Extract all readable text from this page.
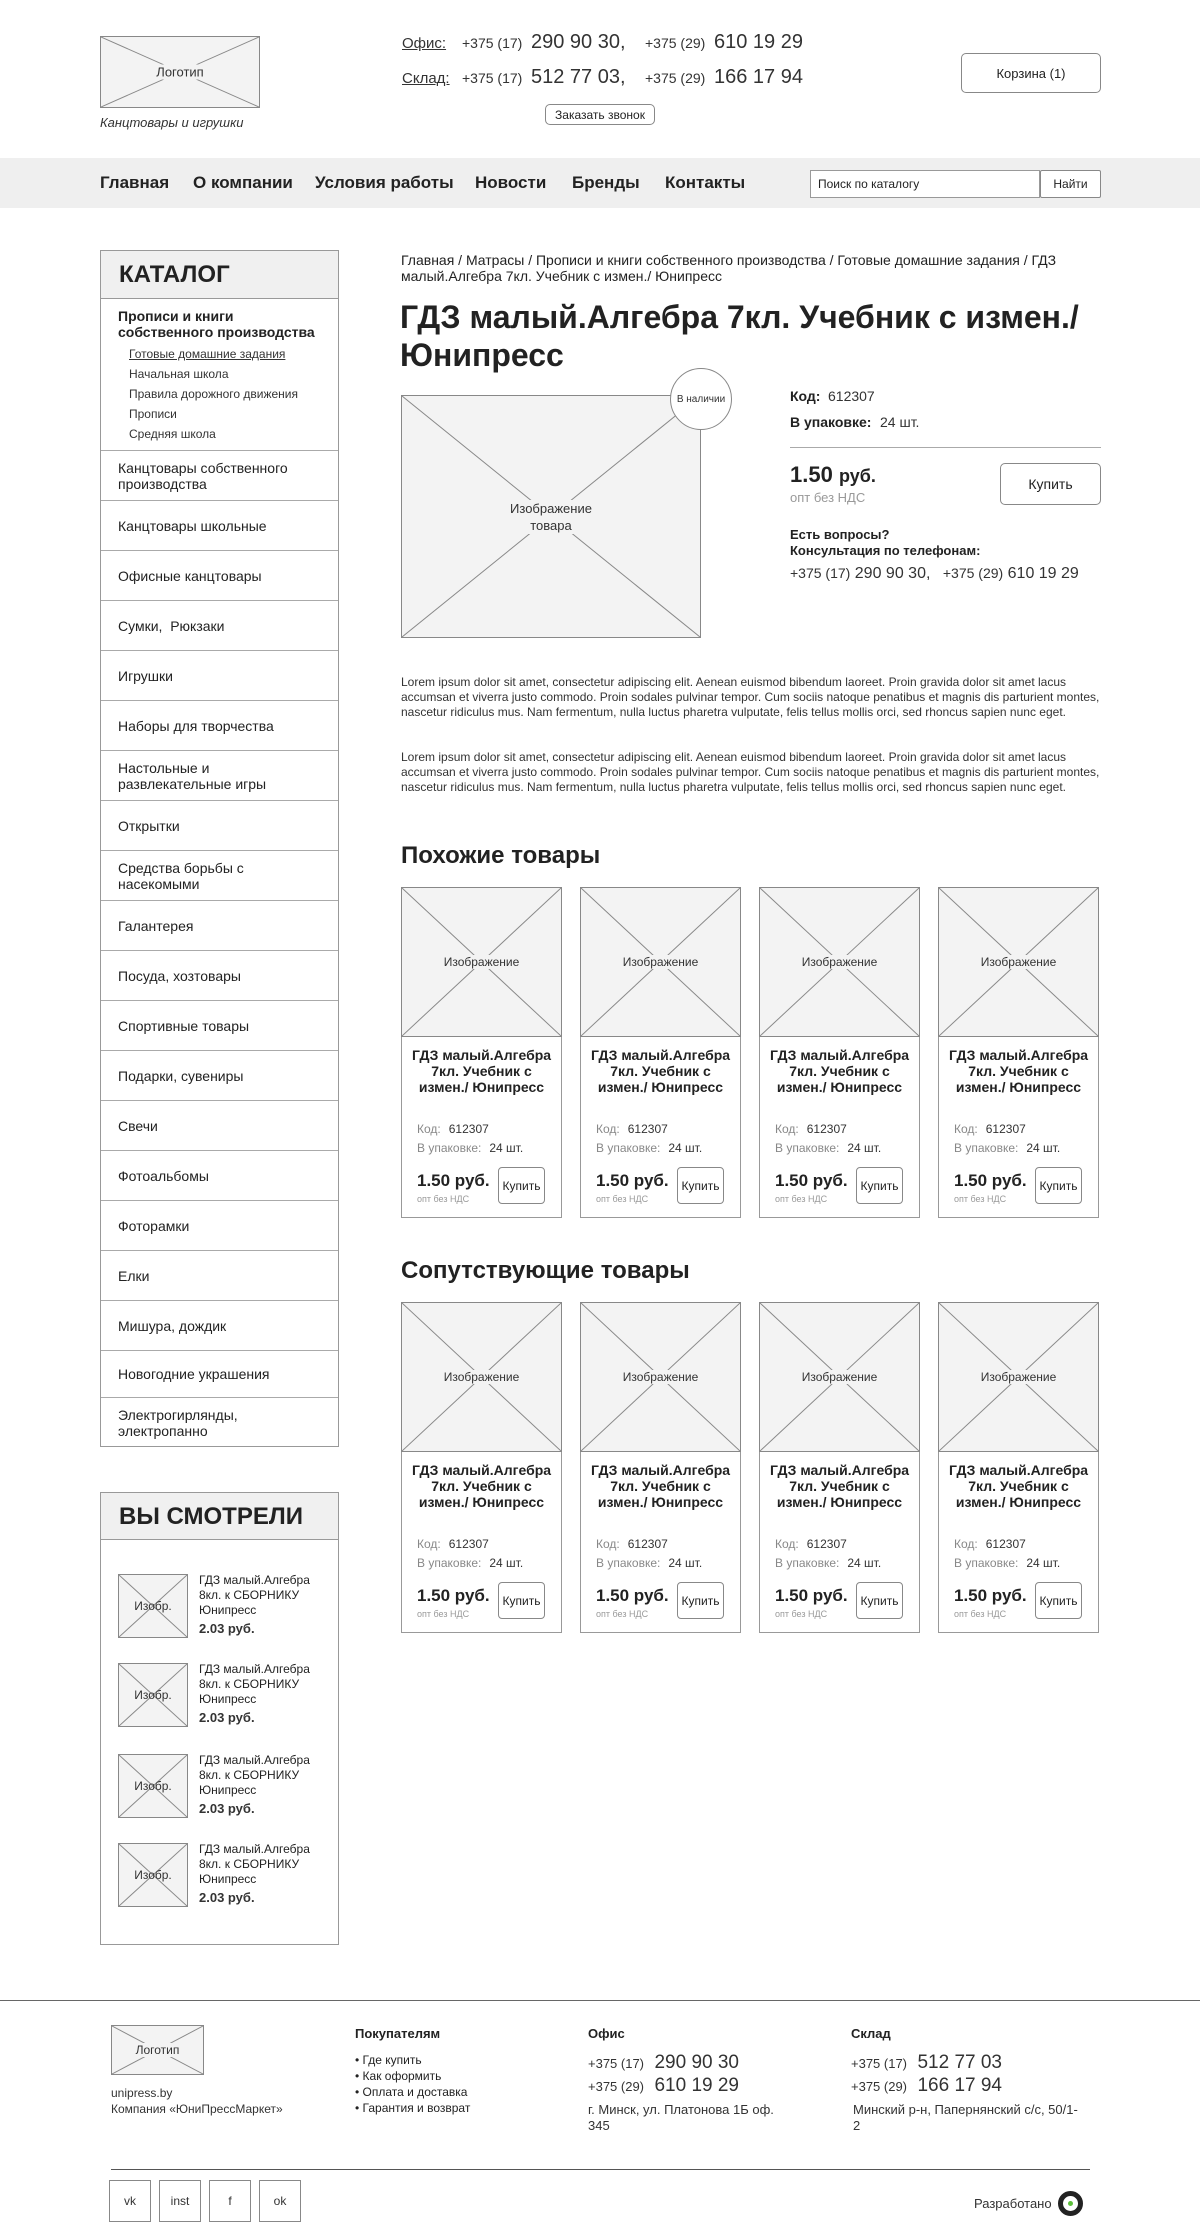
Логотип
Канцтовары и игрушки
Офис: +375 (17) 290 90 30, +375 (29) 610 19 29
Склад: +375 (17) 512 77 03, +375 (29) 166 17 94
Заказать звонок
Корзина (1)
Главная О компании Условия работы Новости Бренды Контакты	Поиск по каталогу	Найти
КАТАЛОГ
Прописи и книги собственного производства
Готовые домашние задания
Начальная школа
Правила дорожного движения
Прописи
Средняя школа
Канцтовары собственного производства
Канцтовары школьные
Офисные канцтовары
Сумки,  Рюкзаки
Игрушки
Наборы для творчества
Настольные и развлекательные игры
Открытки
Средства борьбы с насекомыми
Галантерея
Посуда, хозтовары
Спортивные товары
Подарки, сувениры
Свечи
Фотоальбомы
Фоторамки
Елки
Мишура, дождик
Новогодние украшения
Электрогирлянды, электропанно
ВЫ СМОТРЕЛИ
Изобр.
ГДЗ малый.Алгебра 8кл. к СБОРНИКУ Юнипресс
2.03 руб.
Изобр.
ГДЗ малый.Алгебра 8кл. к СБОРНИКУ Юнипресс
2.03 руб.
Изобр.
ГДЗ малый.Алгебра 8кл. к СБОРНИКУ Юнипресс
2.03 руб.
Изобр.
ГДЗ малый.Алгебра 8кл. к СБОРНИКУ Юнипресс
2.03 руб.
Главная / Матрасы / Прописи и книги собственного производства / Готовые домашние задания / ГДЗ малый.Алгебра 7кл. Учебник с измен./ Юнипресс
ГДЗ малый.Алгебра 7кл. Учебник с измен./ Юнипресс
Изображение товара
В наличии	Код: 612307
В упаковке: 24 шт.
1.50 руб.
опт без НДС
Купить
Есть вопросы?
Консультация по телефонам:
+375 (17) 290 90 30, +375 (29) 610 19 29
Lorem ipsum dolor sit amet, consectetur adipiscing elit. Aenean euismod bibendum laoreet. Proin gravida dolor sit amet lacus accumsan et viverra justo commodo. Proin sodales pulvinar tempor. Cum sociis natoque penatibus et magnis dis parturient montes, nascetur ridiculus mus. Nam fermentum, nulla luctus pharetra vulputate, felis tellus mollis orci, sed rhoncus sapien nunc eget.
Lorem ipsum dolor sit amet, consectetur adipiscing elit. Aenean euismod bibendum laoreet. Proin gravida dolor sit amet lacus accumsan et viverra justo commodo. Proin sodales pulvinar tempor. Cum sociis natoque penatibus et magnis dis parturient montes, nascetur ridiculus mus. Nam fermentum, nulla luctus pharetra vulputate, felis tellus mollis orci, sed rhoncus sapien nunc eget.
Похожие товары
Изображение
ГДЗ малый.Алгебра 7кл. Учебник с измен./ Юнипресс
Код: 612307
В упаковке: 24 шт.
1.50 руб.
опт без НДС
Купить
Изображение
ГДЗ малый.Алгебра 7кл. Учебник с измен./ Юнипресс
Код: 612307
В упаковке: 24 шт.
1.50 руб.
опт без НДС
Купить
Изображение
ГДЗ малый.Алгебра 7кл. Учебник с измен./ Юнипресс
Код: 612307
В упаковке: 24 шт.
1.50 руб.
опт без НДС
Купить
Изображение
ГДЗ малый.Алгебра 7кл. Учебник с измен./ Юнипресс
Код: 612307
В упаковке: 24 шт.
1.50 руб.
опт без НДС
Купить
Сопутствующие товары
Изображение
ГДЗ малый.Алгебра 7кл. Учебник с измен./ Юнипресс
Код: 612307
В упаковке: 24 шт.
1.50 руб.
опт без НДС
Купить
Изображение
ГДЗ малый.Алгебра 7кл. Учебник с измен./ Юнипресс
Код: 612307
В упаковке: 24 шт.
1.50 руб.
опт без НДС
Купить
Изображение
ГДЗ малый.Алгебра 7кл. Учебник с измен./ Юнипресс
Код: 612307
В упаковке: 24 шт.
1.50 руб.
опт без НДС
Купить
Изображение
ГДЗ малый.Алгебра 7кл. Учебник с измен./ Юнипресс
Код: 612307
В упаковке: 24 шт.
1.50 руб.
опт без НДС
Купить
Логотип
unipress.by
Компания «ЮниПрессМаркет»
Покупателям
• Где купить
• Как оформить
• Оплата и доставка
• Гарантия и возврат
Офис
+375 (17) 290 90 30
+375 (29) 610 19 29
г. Минск, ул. Платонова 1Б оф. 345
Склад
+375 (17) 512 77 03
+375 (29) 166 17 94
Минский р-н, Папернянский с/с, 50/1-2
vk	inst	f	ok	Разработано
